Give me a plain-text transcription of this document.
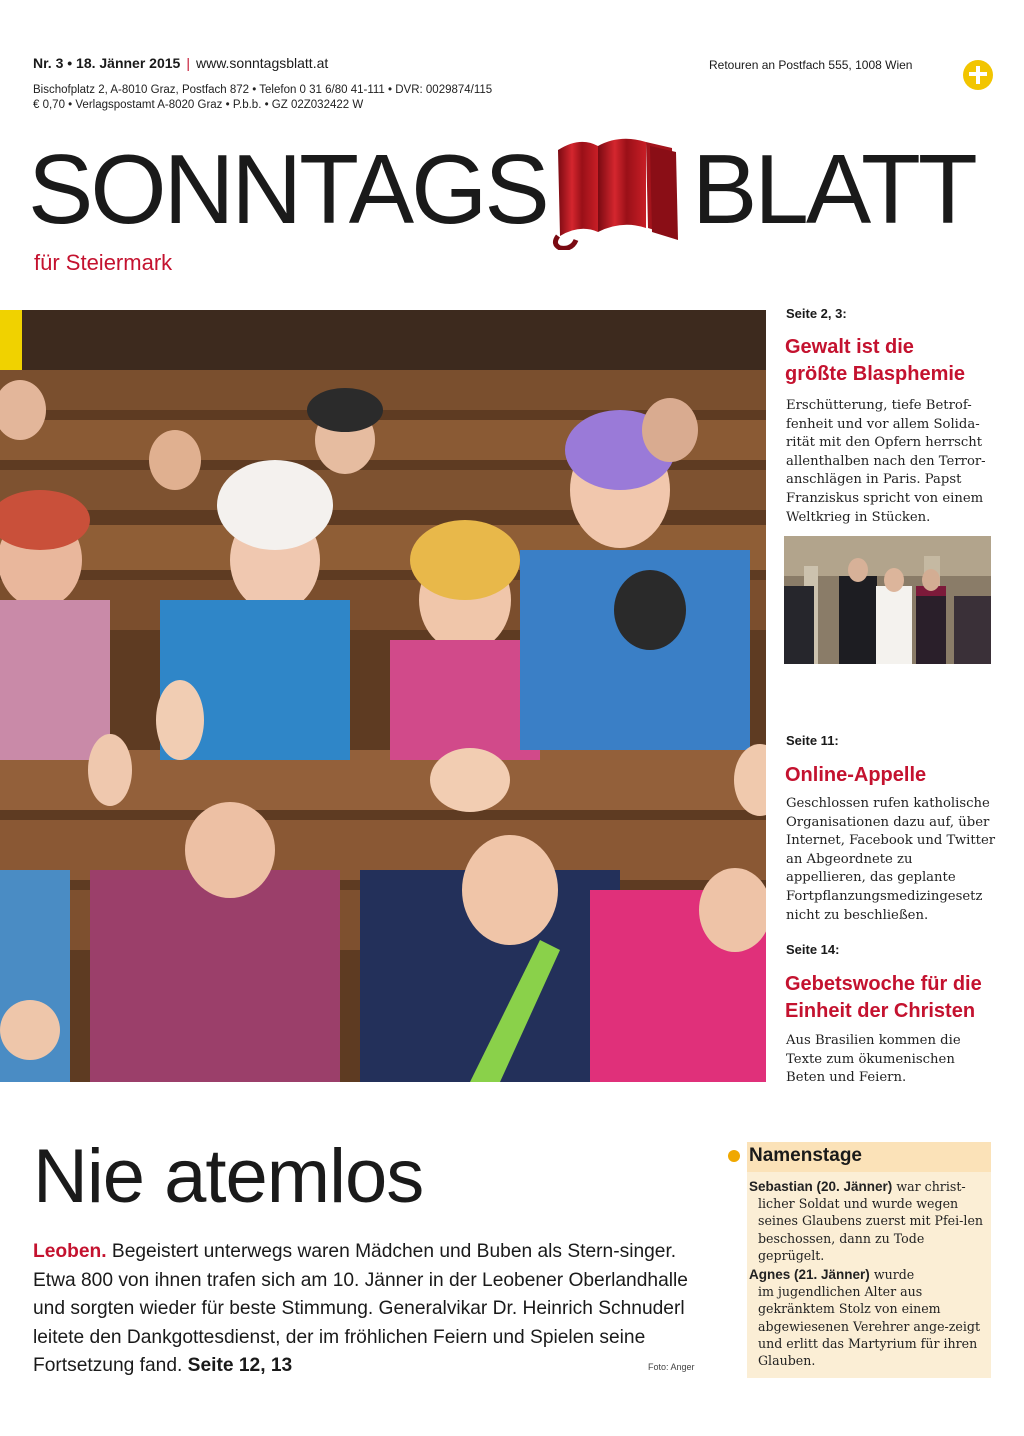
Nr. 3 • 18. Jänner 2015 | www.sonntagsblatt.at
Bischofplatz 2, A-8010 Graz, Postfach 872 • Telefon 0 31 6/80 41-111 • DVR: 0029874/115
€ 0,70 • Verlagspostamt A-8020 Graz • P.b.b. • GZ 02Z032422 W
Retouren an Postfach 555, 1008 Wien
SONNTAGS BLATT
für Steiermark
Seite 2, 3:
Gewalt ist die
größte Blasphemie
Erschütterung, tiefe Betrof-fenheit und vor allem Solida-rität mit den Opfern herrscht allenthalben nach den Terror-anschlägen in Paris. Papst Franziskus spricht von einem Weltkrieg in Stücken.
Seite 11:
Online-Appelle
Geschlossen rufen katholische Organisationen dazu auf, über Internet, Facebook und Twitter an Abgeordnete zu appellieren, das geplante Fortpflanzungsmedizingesetz nicht zu beschließen.
Seite 14:
Gebetswoche für die
Einheit der Christen
Aus Brasilien kommen die Texte zum ökumenischen Beten und Feiern.
Nie atemlos
Leoben. Begeistert unterwegs waren Mädchen und Buben als Stern-singer. Etwa 800 von ihnen trafen sich am 10. Jänner in der Leobener Oberlandhalle und sorgten wieder für beste Stimmung. Generalvikar Dr. Heinrich Schnuderl leitete den Dankgottesdienst, der im fröhlichen Feiern und Spielen seine Fortsetzung fand. Seite 12, 13	Foto: Anger
Namenstage
Sebastian (20. Jänner) war christ-
licher Soldat und wurde wegen seines Glaubens zuerst mit Pfei-len beschossen, dann zu Tode geprügelt.
Agnes (21. Jänner) wurde
im jugendlichen Alter aus gekränktem Stolz von einem abgewiesenen Verehrer ange-zeigt und erlitt das Martyrium für ihren Glauben.
